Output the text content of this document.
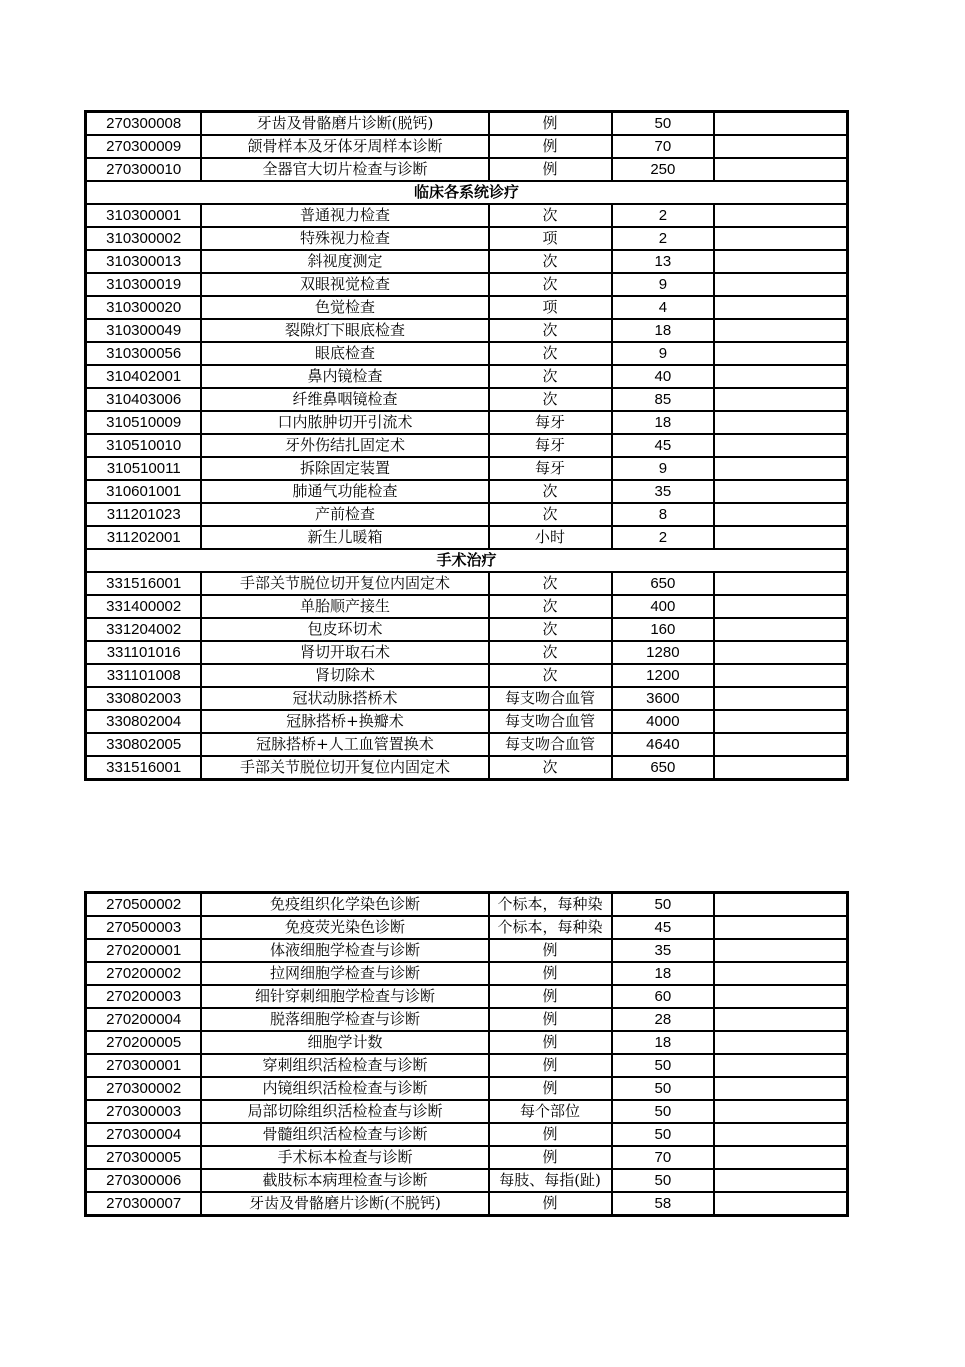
270300008	牙齿及骨骼磨片诊断(脱钙)	例	50	
270300009	颌骨样本及牙体牙周样本诊断	例	70	
270300010	全器官大切片检查与诊断	例	250	
临床各系统诊疗				
310300001	普通视力检查	次	2	
310300002	特殊视力检查	项	2	
310300013	斜视度测定	次	13	
310300019	双眼视觉检查	次	9	
310300020	色觉检查	项	4	
310300049	裂隙灯下眼底检查	次	18	
310300056	眼底检查	次	9	
310402001	鼻内镜检查	次	40	
310403006	纤维鼻咽镜检查	次	85	
310510009	口内脓肿切开引流术	每牙	18	
310510010	牙外伤结扎固定术	每牙	45	
310510011	拆除固定装置	每牙	9	
310601001	肺通气功能检查	次	35	
311201023	产前检查	次	8	
311202001	新生儿暖箱	小时	2	
手术治疗				
331516001	手部关节脱位切开复位内固定术	次	650	
331400002	单胎顺产接生	次	400	
331204002	包皮环切术	次	160	
331101016	肾切开取石术	次	1280	
331101008	肾切除术	次	1200	
330802003	冠状动脉搭桥术	每支吻合血管	3600	
330802004	冠脉搭桥+换瓣术	每支吻合血管	4000	
330802005	冠脉搭桥+人工血管置换术	每支吻合血管	4640	
331516001	手部关节脱位切开复位内固定术	次	650	
270500002	免疫组织化学染色诊断	个标本，每种染	50	
270500003	免疫荧光染色诊断	个标本，每种染	45	
270200001	体液细胞学检查与诊断	例	35	
270200002	拉网细胞学检查与诊断	例	18	
270200003	细针穿刺细胞学检查与诊断	例	60	
270200004	脱落细胞学检查与诊断	例	28	
270200005	细胞学计数	例	18	
270300001	穿刺组织活检检查与诊断	例	50	
270300002	内镜组织活检检查与诊断	例	50	
270300003	局部切除组织活检检查与诊断	每个部位	50	
270300004	骨髓组织活检检查与诊断	例	50	
270300005	手术标本检查与诊断	例	70	
270300006	截肢标本病理检查与诊断	每肢、每指(趾)	50	
270300007	牙齿及骨骼磨片诊断(不脱钙)	例	58	
